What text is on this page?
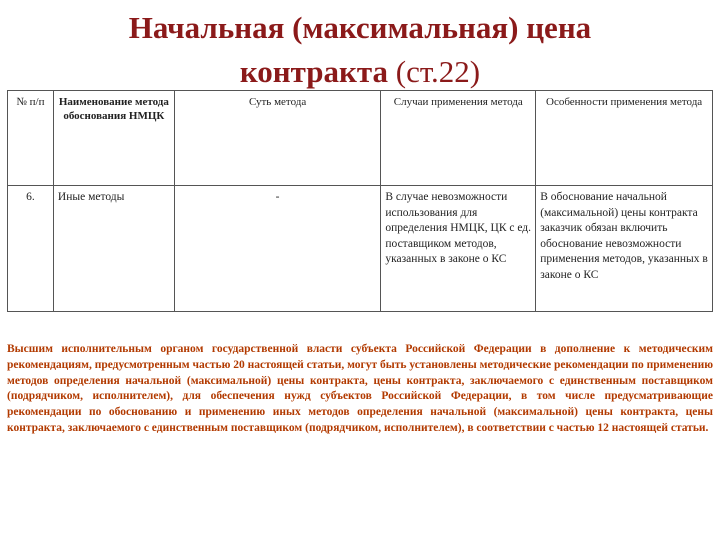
Начальная (максимальная) цена
контракта (ст.22)
№ п/п	Наименование метода обоснования НМЦК	Суть метода	Случаи применения метода	Особенности применения метода
6.	Иные методы	-	В случае невозможности использования для определения НМЦК, ЦК с ед. поставщиком методов, указанных в законе о КС	В обоснование начальной (максимальной) цены контракта заказчик обязан включить обоснование невозможности применения методов, указанных в законе о КС
Высшим исполнительным органом государственной власти субъекта Российской Федерации в дополнение к методическим рекомендациям, предусмотренным частью 20 настоящей статьи, могут быть установлены методические рекомендации по применению методов определения начальной (максимальной) цены контракта, цены контракта, заключаемого с единственным поставщиком (подрядчиком, исполнителем), для обеспечения нужд субъектов Российской Федерации, в том числе предусматривающие рекомендации по обоснованию и применению иных методов определения начальной (максимальной) цены контракта, цены контракта, заключаемого с единственным поставщиком (подрядчиком, исполнителем), в соответствии с частью 12 настоящей статьи.
